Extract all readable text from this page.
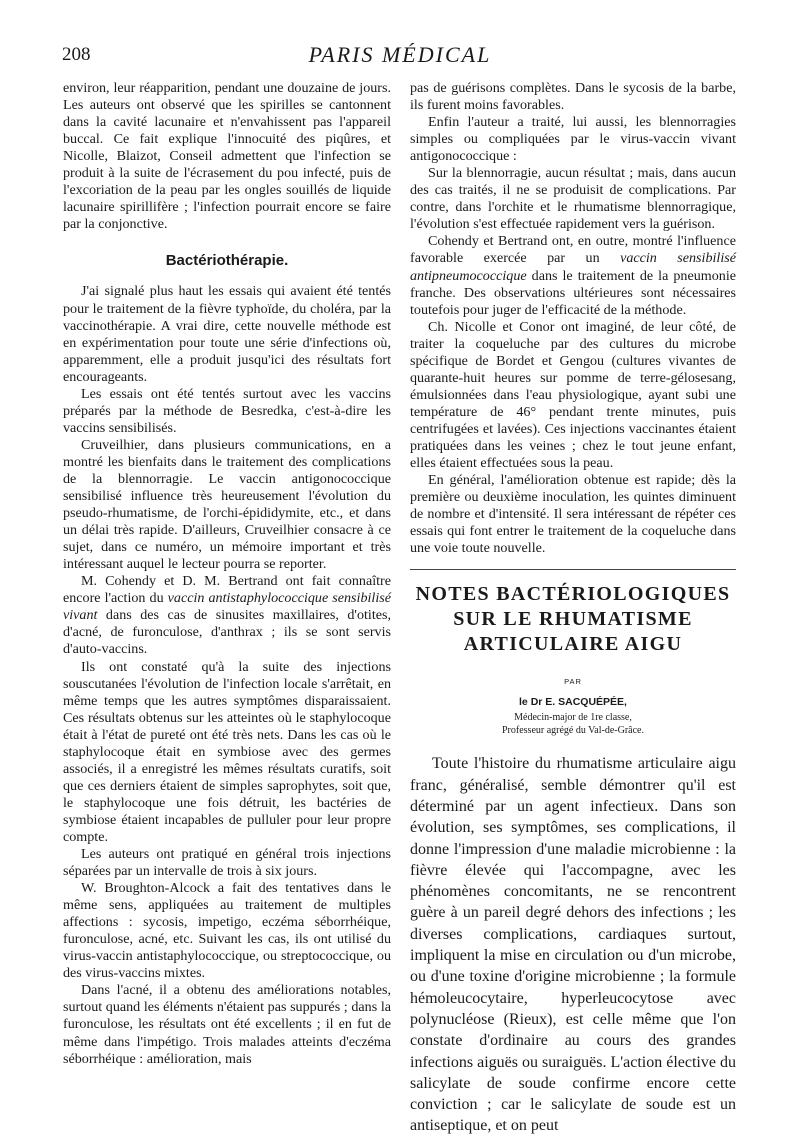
208	PARIS MÉDICAL

environ, leur réapparition, pendant une douzaine de jours. Les auteurs ont observé que les spirilles se cantonnent dans la cavité lacunaire et n'envahissent pas l'appareil buccal. Ce fait explique l'innocuité des piqûres, et Nicolle, Blaizot, Conseil admettent que l'infection se produit à la suite de l'écrasement du pou infecté, puis de l'excoriation de la peau par les ongles souillés de liquide lacunaire spirillifère ; l'infection pourrait encore se faire par la conjonctive.

Bactériothérapie.

J'ai signalé plus haut les essais qui avaient été tentés pour le traitement de la fièvre typhoïde, du choléra, par la vaccinothérapie. A vrai dire, cette nouvelle méthode est en expérimentation pour toute une série d'infections où, apparemment, elle a produit jusqu'ici des résultats fort encourageants.

Les essais ont été tentés surtout avec les vaccins préparés par la méthode de Besredka, c'est-à-dire les vaccins sensibilisés.

Cruveilhier, dans plusieurs communications, en a montré les bienfaits dans le traitement des complications de la blennorragie. Le vaccin antigonococcique sensibilisé influence très heureusement l'évolution du pseudo-rhumatisme, de l'orchi-épididymite, etc., et dans un délai très rapide. D'ailleurs, Cruveilhier consacre à ce sujet, dans ce numéro, un mémoire important et très intéressant auquel le lecteur pourra se reporter.

M. Cohendy et D. M. Bertrand ont fait connaître encore l'action du vaccin antistaphylococcique sensibilisé vivant dans des cas de sinusites maxillaires, d'otites, d'acné, de furonculose, d'anthrax ; ils se sont servis d'auto-vaccins.

Ils ont constaté qu'à la suite des injections souscutanées l'évolution de l'infection locale s'arrêtait, en même temps que les autres symptômes disparaissaient. Ces résultats obtenus sur les atteintes où le staphylocoque était à l'état de pureté ont été très nets. Dans les cas où le staphylocoque était en symbiose avec des germes associés, il a enregistré les mêmes résultats curatifs, soit que ces derniers étaient de simples saprophytes, soit que, le staphylocoque une fois détruit, les bactéries de symbiose étaient incapables de pulluler pour leur propre compte.

Les auteurs ont pratiqué en général trois injections séparées par un intervalle de trois à six jours.

W. Broughton-Alcock a fait des tentatives dans le même sens, appliquées au traitement de multiples affections : sycosis, impetigo, eczéma séborrhéique, furonculose, acné, etc. Suivant les cas, ils ont utilisé du virus-vaccin antistaphylococcique, ou streptococcique, ou des virus-vaccins mixtes.

Dans l'acné, il a obtenu des améliorations notables, surtout quand les éléments n'étaient pas suppurés ; dans la furonculose, les résultats ont été excellents ; il en fut de même dans l'impétigo. Trois malades atteints d'eczéma séborrhéique : amélioration, mais

pas de guérisons complètes. Dans le sycosis de la barbe, ils furent moins favorables.

Enfin l'auteur a traité, lui aussi, les blennorragies simples ou compliquées par le virus-vaccin vivant antigonococcique :

Sur la blennorragie, aucun résultat ; mais, dans aucun des cas traités, il ne se produisit de complications. Par contre, dans l'orchite et le rhumatisme blennorragique, l'évolution s'est effectuée rapidement vers la guérison.

Cohendy et Bertrand ont, en outre, montré l'influence favorable exercée par un vaccin sensibilisé antipneumococcique dans le traitement de la pneumonie franche. Des observations ultérieures sont nécessaires toutefois pour juger de l'efficacité de la méthode.

Ch. Nicolle et Conor ont imaginé, de leur côté, de traiter la coqueluche par des cultures du microbe spécifique de Bordet et Gengou (cultures vivantes de quarante-huit heures sur pomme de terre-gélosesang, émulsionnées dans l'eau physiologique, ayant subi une température de 46° pendant trente minutes, puis centrifugées et lavées). Ces injections vaccinantes étaient pratiquées dans les veines ; chez le tout jeune enfant, elles étaient effectuées sous la peau.

En général, l'amélioration obtenue est rapide; dès la première ou deuxième inoculation, les quintes diminuent de nombre et d'intensité. Il sera intéressant de répéter ces essais qui font entrer le traitement de la coqueluche dans une voie toute nouvelle.

NOTES BACTÉRIOLOGIQUES
SUR LE RHUMATISME
ARTICULAIRE AIGU
PAR
le Dr E. SACQUÉPÉE,
Médecin-major de 1re classe,
Professeur agrégé du Val-de-Grâce.

Toute l'histoire du rhumatisme articulaire aigu franc, généralisé, semble démontrer qu'il est déterminé par un agent infectieux. Dans son évolution, ses symptômes, ses complications, il donne l'impression d'une maladie microbienne : la fièvre élevée qui l'accompagne, avec les phénomènes concomitants, ne se rencontrent guère à un pareil degré dehors des infections ; les diverses complications, cardiaques surtout, impliquent la mise en circulation ou d'un microbe, ou d'une toxine d'origine microbienne ; la formule hémoleucocytaire, hyperleucocytose avec polynucléose (Rieux), est celle même que l'on constate d'ordinaire au cours des grandes infections aiguës ou suraiguës. L'action élective du salicylate de soude confirme encore cette conviction ; car le salicylate de soude est un antiseptique, et on peut
